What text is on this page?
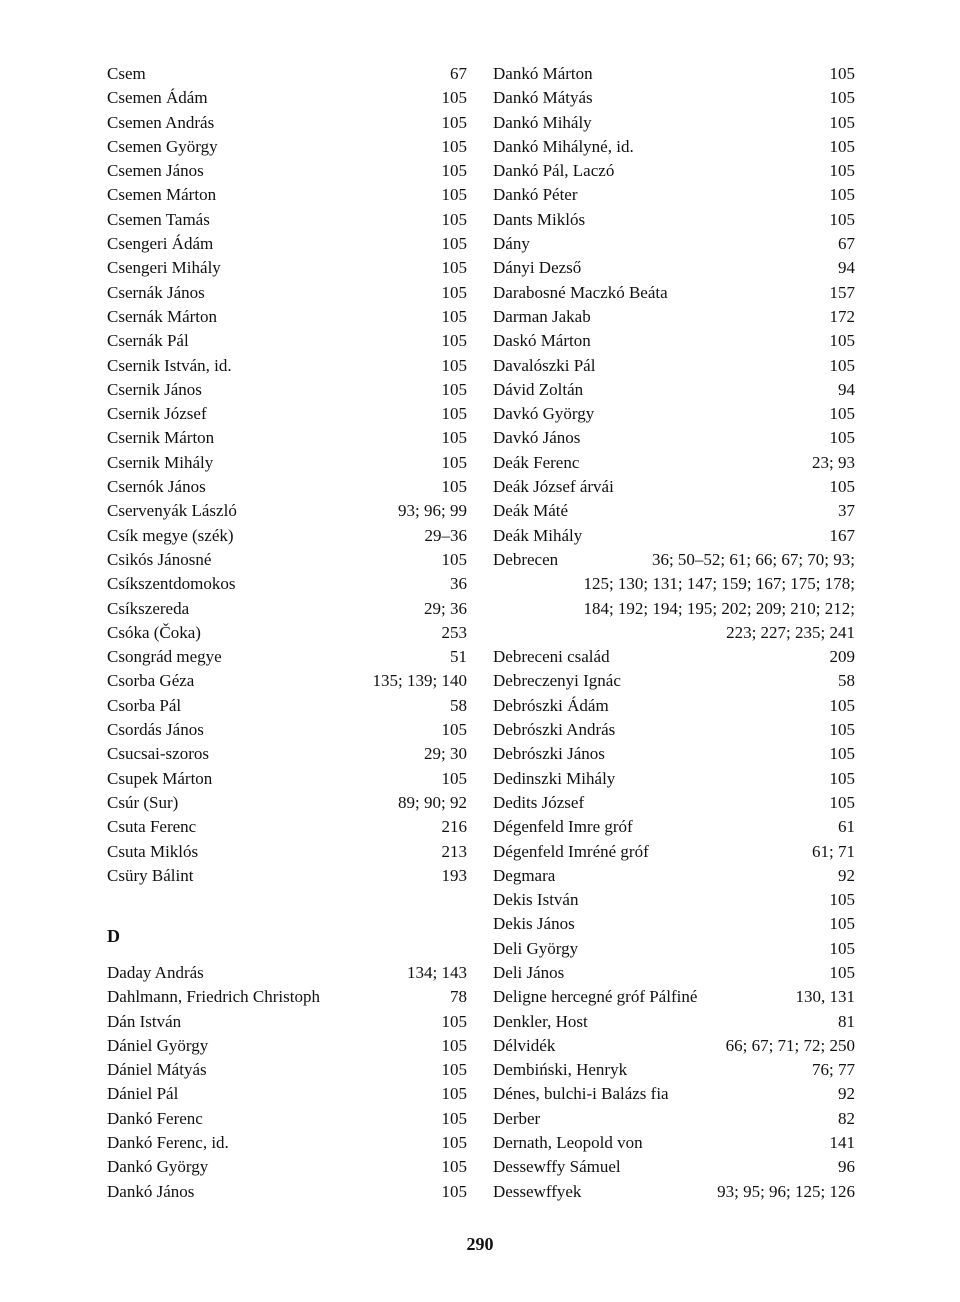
Csem	67
Csemen Ádám	105
Csemen András	105
Csemen György	105
Csemen János	105
Csemen Márton	105
Csemen Tamás	105
Csengeri Ádám	105
Csengeri Mihály	105
Csernák János	105
Csernák Márton	105
Csernák Pál	105
Csernik István, id.	105
Csernik János	105
Csernik József	105
Csernik Márton	105
Csernik Mihály	105
Csernók János	105
Cservenyák László	93; 96; 99
Csík megye (szék)	29–36
Csikós Jánosné	105
Csíkszentdomokos	36
Csíkszereda	29; 36
Csóka (Čoka)	253
Csongrád megye	51
Csorba Géza	135; 139; 140
Csorba Pál	58
Csordás János	105
Csucsai-szoros	29; 30
Csupek Márton	105
Csúr (Sur)	89; 90; 92
Csuta Ferenc	216
Csuta Miklós	213
Csüry Bálint	193
D
Daday András	134; 143
Dahlmann, Friedrich Christoph	78
Dán István	105
Dániel György	105
Dániel Mátyás	105
Dániel Pál	105
Dankó Ferenc	105
Dankó Ferenc, id.	105
Dankó György	105
Dankó János	105
Dankó Márton	105
Dankó Mátyás	105
Dankó Mihály	105
Dankó Mihályné, id.	105
Dankó Pál, Laczó	105
Dankó Péter	105
Dants Miklós	105
Dány	67
Dányi Dezső	94
Darabosné Maczkó Beáta	157
Darman Jakab	172
Daskó Márton	105
Davalószki Pál	105
Dávid Zoltán	94
Davkó György	105
Davkó János	105
Deák Ferenc	23; 93
Deák József árvái	105
Deák Máté	37
Deák Mihály	167
Debrecen	36; 50–52; 61; 66; 67; 70; 93;
125; 130; 131; 147; 159; 167; 175; 178;
184; 192; 194; 195; 202; 209; 210; 212;
223; 227; 235; 241
Debreceni család	209
Debreczenyi Ignác	58
Debrószki Ádám	105
Debrószki András	105
Debrószki János	105
Dedinszki Mihály	105
Dedits József	105
Dégenfeld Imre gróf	61
Dégenfeld Imréné gróf	61; 71
Degmara	92
Dekis István	105
Dekis János	105
Deli György	105
Deli János	105
Deligne hercegné gróf Pálfiné	130, 131
Denkler, Host	81
Délvidék	66; 67; 71; 72; 250
Dembiński, Henryk	76; 77
Dénes, bulchi-i Balázs fia	92
Derber	82
Dernath, Leopold von	141
Dessewffy Sámuel	96
Dessewffyek	93; 95; 96; 125; 126
290
